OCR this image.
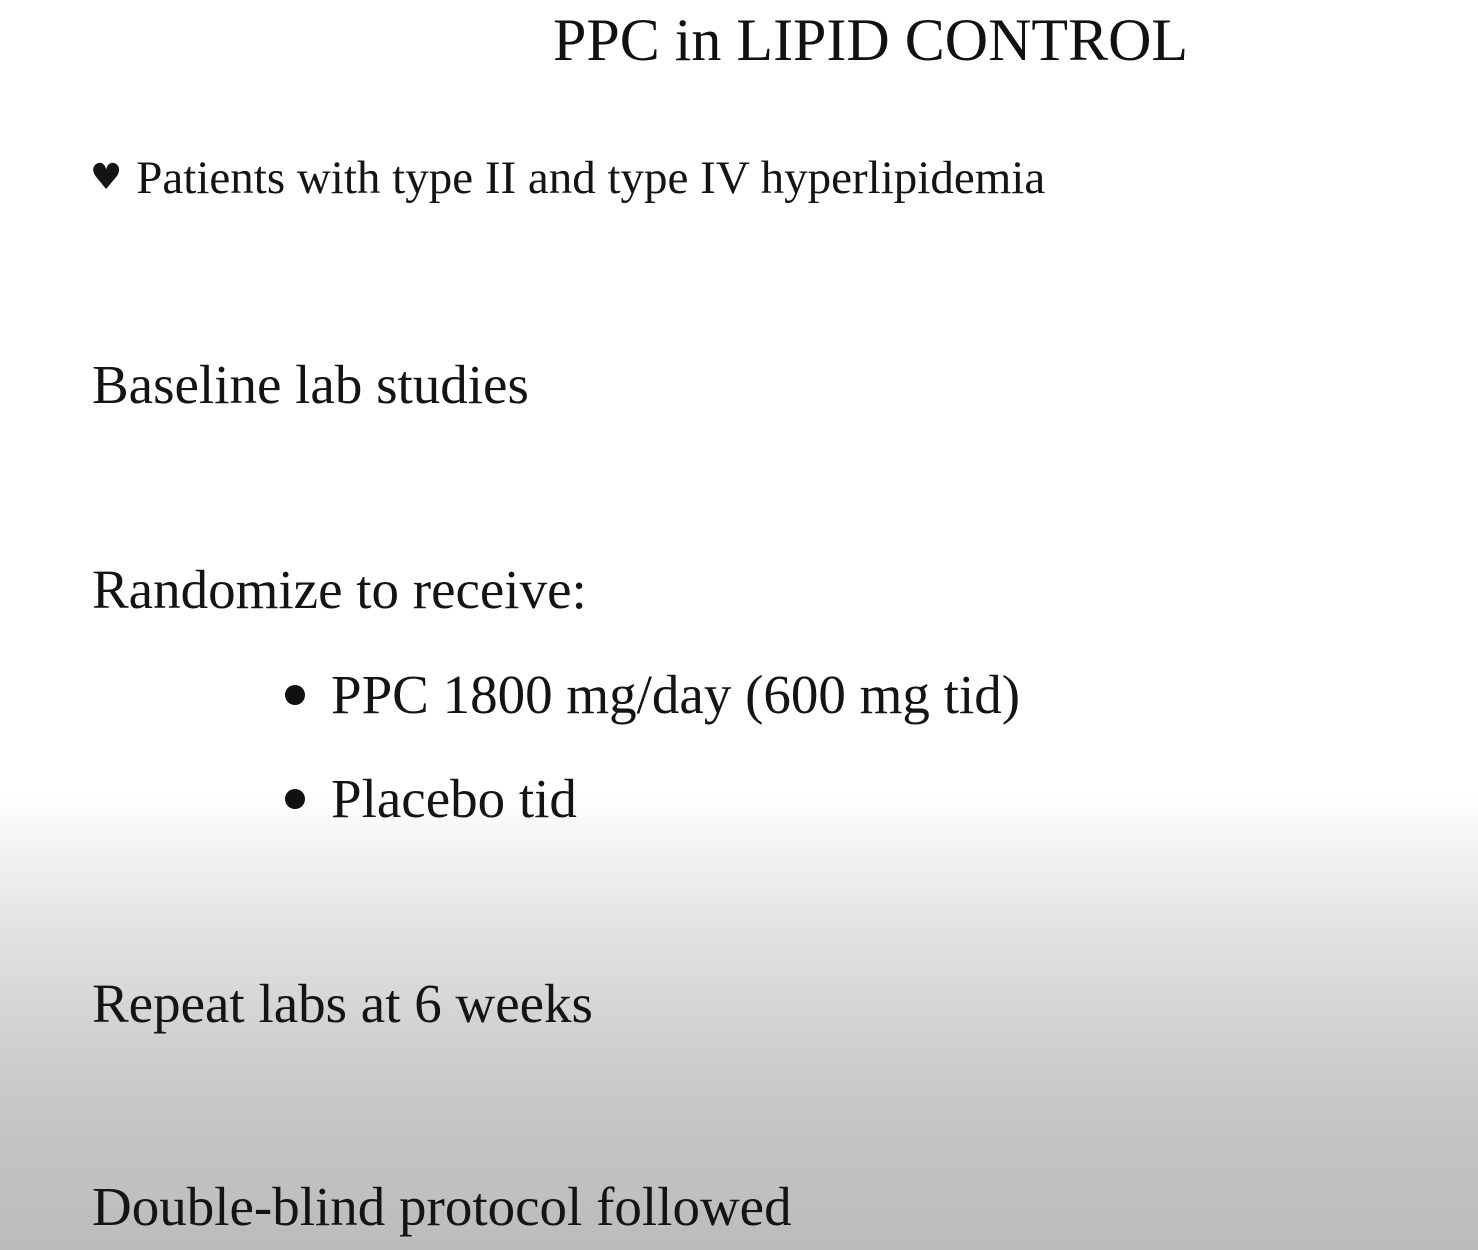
PPC in LIPID CONTROL
♥ Patients with type II and type IV hyperlipidemia
Baseline lab studies
Randomize to receive:
PPC 1800 mg/day (600 mg tid)
Placebo tid
Repeat labs at 6 weeks
Double-blind protocol followed
